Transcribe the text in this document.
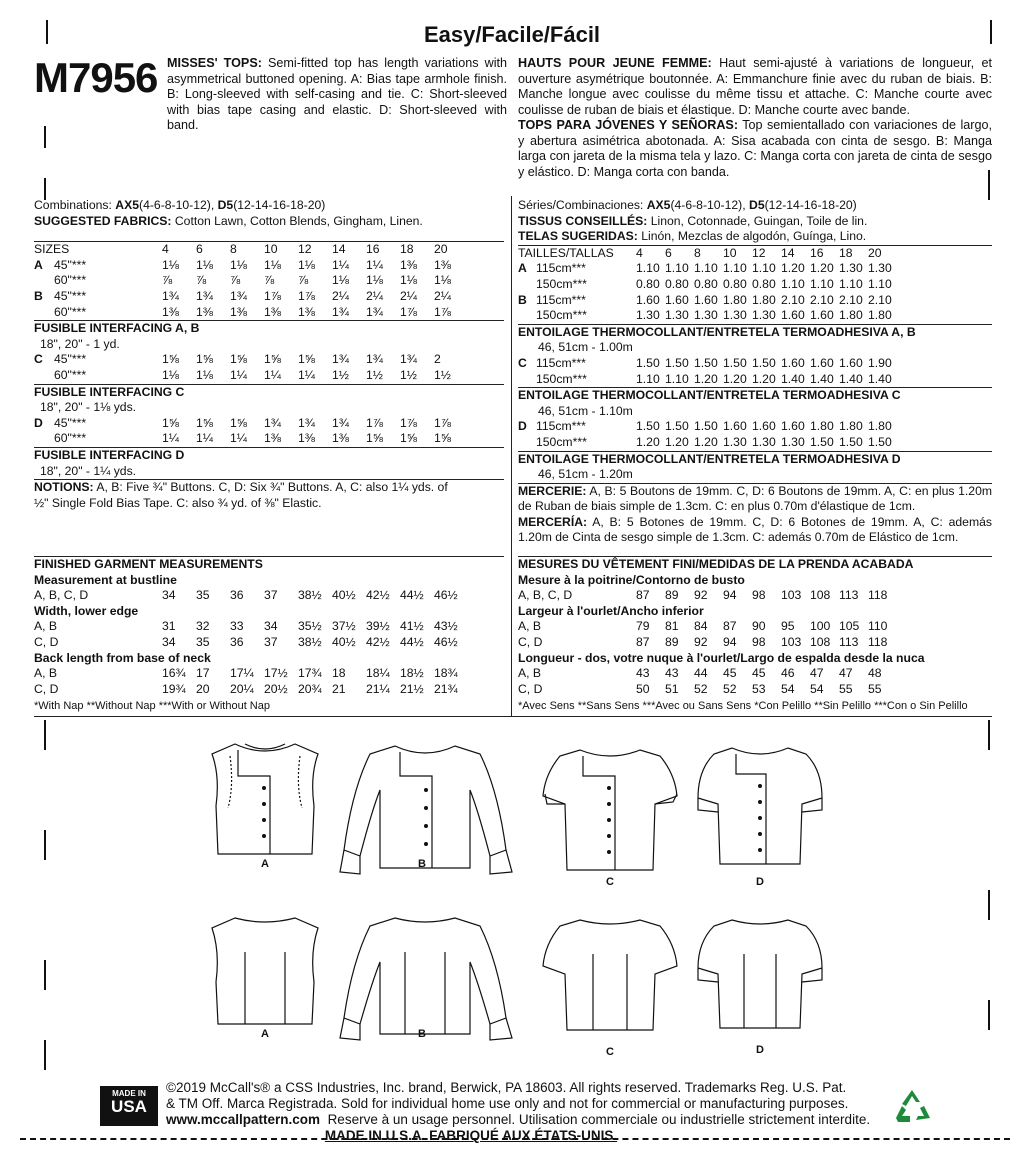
Easy/Facile/Fácil
M7956 MISSES' TOPS: Semi-fitted top has length variations with asymmetrical buttoned opening. A: Bias tape armhole finish. B: Long-sleeved with self-casing and tie. C: Short-sleeved with bias tape casing and elastic. D: Short-sleeved with band.
HAUTS POUR JEUNE FEMME: Haut semi-ajusté à variations de longueur, et ouverture asymétrique boutonnée. A: Emmanchure finie avec du ruban de biais. B: Manche longue avec coulisse du même tissu et attache. C: Manche courte avec coulisse de ruban de biais et élastique. D: Manche courte avec bande.
TOPS PARA JÓVENES Y SEÑORAS: Top semientallado con variaciones de largo, y abertura asimétrica abotonada. A: Sisa acabada con cinta de sesgo. B: Manga larga con jareta de la misma tela y lazo. C: Manga corta con jareta de cinta de sesgo y elástico. D: Manga corta con banda.
Combinations: AX5(4-6-8-10-12), D5(12-14-16-18-20)
SUGGESTED FABRICS: Cotton Lawn, Cotton Blends, Gingham, Linen.
SIZES	4	6	8	10	12	14	16	18	20
A 45"***	1⅛	1⅛	1⅛	1⅛	1⅛	1¼	1¼	1⅜	1⅜
60"***	⅞	⅞	⅞	⅞	⅞	1⅛	1⅛	1⅛	1⅛
B 45"***	1¾	1¾	1¾	1⅞	1⅞	2¼	2¼	2¼	2¼
60"***	1⅜	1⅜	1⅜	1⅜	1⅜	1¾	1¾	1⅞	1⅞
FUSIBLE INTERFACING A, B
18", 20" - 1 yd.
C 45"***	1⅝	1⅝	1⅝	1⅝	1⅝	1¾	1¾	1¾	2
60"***	1⅛	1⅛	1¼	1¼	1¼	1½	1½	1½	1½
FUSIBLE INTERFACING C
18", 20" - 1⅛ yds.
D 45"***	1⅝	1⅝	1⅝	1¾	1¾	1¾	1⅞	1⅞	1⅞
60"***	1¼	1¼	1¼	1⅜	1⅜	1⅜	1⅝	1⅝	1⅝
FUSIBLE INTERFACING D
18", 20" - 1¼ yds.
NOTIONS: A, B: Five ¾" Buttons. C, D: Six ¾" Buttons. A, C: also 1¼ yds. of
½" Single Fold Bias Tape. C: also ¾ yd. of ⅜" Elastic.
Séries/Combinaciones: AX5(4-6-8-10-12), D5(12-14-16-18-20)
TISSUS CONSEILLÉS: Linon, Cotonnade, Guingan, Toile de lin.
TELAS SUGERIDAS: Linón, Mezclas de algodón, Guínga, Lino.
TAILLES/TALLAS	4	6	8	10	12	14	16	18	20
A 115cm***	1.10 1.10 1.10 1.10 1.10 1.20 1.20 1.30 1.30
150cm***	0.80 0.80 0.80 0.80 0.80 1.10 1.10 1.10 1.10
B 115cm***	1.60 1.60 1.60 1.80 1.80 2.10 2.10 2.10 2.10
150cm***	1.30 1.30 1.30 1.30 1.30 1.60 1.60 1.80 1.80
ENTOILAGE THERMOCOLLANT/ENTRETELA TERMOADHESIVA A, B
46, 51cm - 1.00m
C 115cm***	1.50 1.50 1.50 1.50 1.50 1.60 1.60 1.60 1.90
150cm***	1.10 1.10 1.20 1.20 1.20 1.40 1.40 1.40 1.40
ENTOILAGE THERMOCOLLANT/ENTRETELA TERMOADHESIVA C
46, 51cm - 1.10m
D 115cm***	1.50 1.50 1.50 1.60 1.60 1.60 1.80 1.80 1.80
150cm***	1.20 1.20 1.20 1.30 1.30 1.30 1.50 1.50 1.50
ENTOILAGE THERMOCOLLANT/ENTRETELA TERMOADHESIVA D
46, 51cm - 1.20m
MERCERIE: A, B: 5 Boutons de 19mm. C, D: 6 Boutons de 19mm. A, C: en plus 1.20m de Ruban de biais simple de 1.3cm. C: en plus 0.70m d'élastique de 1cm.
MERCERÍA: A, B: 5 Botones de 19mm. C, D: 6 Botones de 19mm. A, C: además 1.20m de Cinta de sesgo simple de 1.3cm. C: además 0.70m de Elástico de 1cm.
FINISHED GARMENT MEASUREMENTS
Measurement at bustline
A, B, C, D	34	35	36	37	38½ 40½ 42½ 44½ 46½
Width, lower edge
A, B	31	32	33	34	35½ 37½ 39½ 41½ 43½
C, D	34	35	36	37	38½ 40½ 42½ 44½ 46½
Back length from base of neck
A, B	16¾ 17	17¼ 17½ 17¾ 18	18¼ 18½ 18¾
C, D	19¾ 20	20¼ 20½ 20¾ 21	21¼ 21½ 21¾
*With Nap **Without Nap ***With or Without Nap
MESURES DU VÊTEMENT FINI/MEDIDAS DE LA PRENDA ACABADA
Mesure à la poitrine/Contorno de busto
A, B, C, D	87	89	92	94	98	103 108 113 118
Largeur à l'ourlet/Ancho inferior
A, B	79	81	84	87	90	95	100 105 110
C, D	87	89	92	94	98	103 108 113 118
Longueur - dos, votre nuque à l'ourlet/Largo de espalda desde la nuca
A, B	43	43	44	45	45	46	47	47	48
C, D	50	51	52	52	53	54	54	55	55
*Avec Sens **Sans Sens ***Avec ou Sans Sens *Con Pelillo **Sin Pelillo ***Con o Sin Pelillo
A	B
C	D
A	B
C	D
MADE IN
USA
©2019 McCall's® a CSS Industries, Inc. brand, Berwick, PA 18603. All rights reserved. Trademarks Reg. U.S. Pat.
& TM Off. Marca Registrada. Sold for individual home use only and not for commercial or manufacturing purposes.
www.mccallpattern.com Reserve à un usage personnel. Utilisation commerciale ou industrielle strictement interdite.
MADE IN U.S.A. FABRIQUÉ AUX ÉTATS-UNIS.
